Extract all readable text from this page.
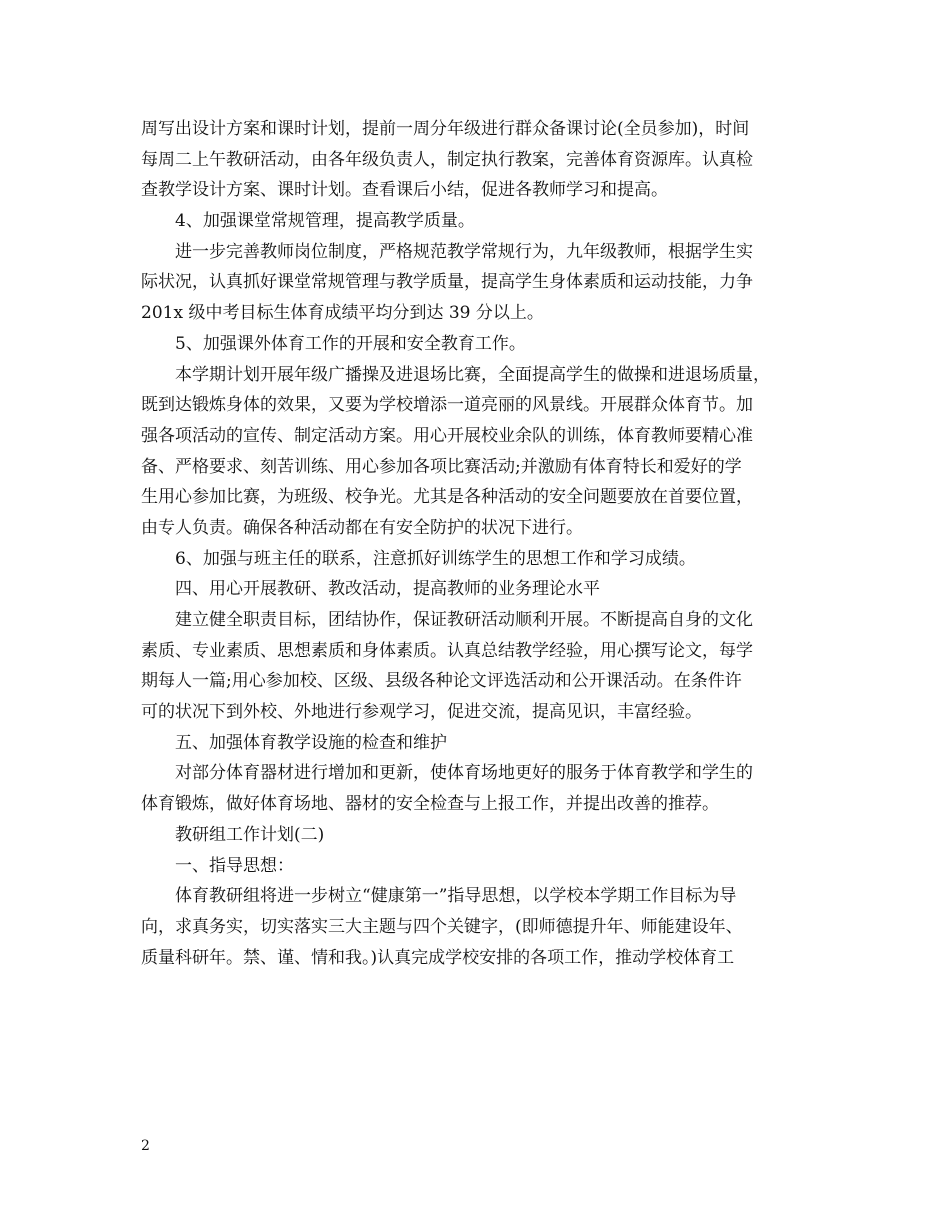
周写出设计方案和课时计划，提前一周分年级进行群众备课讨论(全员参加)，时间
每周二上午教研活动，由各年级负责人，制定执行教案，完善体育资源库。认真检
查教学设计方案、课时计划。查看课后小结，促进各教师学习和提高。
4、加强课堂常规管理，提高教学质量。
进一步完善教师岗位制度，严格规范教学常规行为，九年级教师，根据学生实
际状况，认真抓好课堂常规管理与教学质量，提高学生身体素质和运动技能，力争
201x 级中考目标生体育成绩平均分到达 39 分以上。
5、加强课外体育工作的开展和安全教育工作。
本学期计划开展年级广播操及进退场比赛，全面提高学生的做操和进退场质量，
既到达锻炼身体的效果，又要为学校增添一道亮丽的风景线。开展群众体育节。加
强各项活动的宣传、制定活动方案。用心开展校业余队的训练，体育教师要精心准
备、严格要求、刻苦训练、用心参加各项比赛活动;并激励有体育特长和爱好的学
生用心参加比赛，为班级、校争光。尤其是各种活动的安全问题要放在首要位置，
由专人负责。确保各种活动都在有安全防护的状况下进行。
6、加强与班主任的联系，注意抓好训练学生的思想工作和学习成绩。
四、用心开展教研、教改活动，提高教师的业务理论水平
建立健全职责目标，团结协作，保证教研活动顺利开展。不断提高自身的文化
素质、专业素质、思想素质和身体素质。认真总结教学经验，用心撰写论文，每学
期每人一篇;用心参加校、区级、县级各种论文评选活动和公开课活动。在条件许
可的状况下到外校、外地进行参观学习，促进交流，提高见识，丰富经验。
五、加强体育教学设施的检查和维护
对部分体育器材进行增加和更新，使体育场地更好的服务于体育教学和学生的
体育锻炼，做好体育场地、器材的安全检查与上报工作，并提出改善的推荐。
教研组工作计划(二)
一、指导思想：
体育教研组将进一步树立“健康第一”指导思想，以学校本学期工作目标为导
向，求真务实，切实落实三大主题与四个关键字，(即师德提升年、师能建设年、
质量科研年。禁、谨、情和我。)认真完成学校安排的各项工作，推动学校体育工
2
